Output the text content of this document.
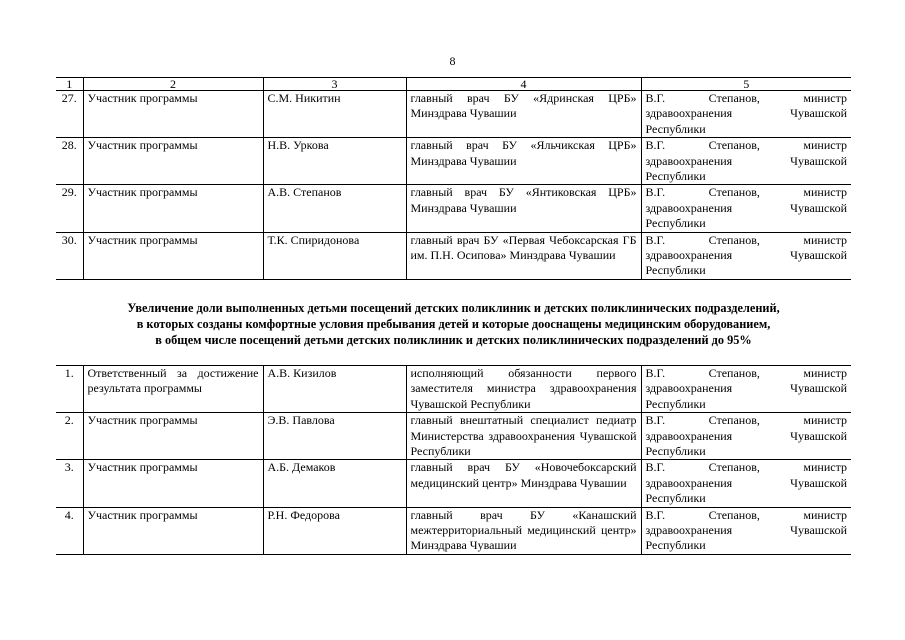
8
1	2	3	4	5
27.	Участник программы	С.М. Никитин	главный врач БУ «Ядринская ЦРБ» Минздрава Чувашии	В.Г. Степанов, министр здравоохранения Чувашской Республики
28.	Участник программы	Н.В. Уркова	главный врач БУ «Яльчикская ЦРБ» Минздрава Чувашии	В.Г. Степанов, министр здравоохранения Чувашской Республики
29.	Участник программы	А.В. Степанов	главный врач БУ «Янтиковская ЦРБ» Минздрава Чувашии	В.Г. Степанов, министр здравоохранения Чувашской Республики
30.	Участник программы	Т.К. Спиридонова	главный врач БУ «Первая Чебоксарская ГБ им. П.Н. Осипова» Минздрава Чувашии	В.Г. Степанов, министр здравоохранения Чувашской Республики
Увеличение доли выполненных детьми посещений детских поликлиник и детских поликлинических подразделений,
в которых созданы комфортные условия пребывания детей и которые дооснащены медицинским оборудованием,
в общем числе посещений детьми детских поликлиник и детских поликлинических подразделений до 95%
1.	Ответственный за достижение результата программы	А.В. Кизилов	исполняющий обязанности первого заместителя министра здравоохранения Чувашской Республики	В.Г. Степанов, министр здравоохранения Чувашской Республики
2.	Участник программы	Э.В. Павлова	главный внештатный специалист педиатр Министерства здравоохранения Чувашской Республики	В.Г. Степанов, министр здравоохранения Чувашской Республики
3.	Участник программы	А.Б. Демаков	главный врач БУ «Новочебоксарский медицинский центр» Минздрава Чувашии	В.Г. Степанов, министр здравоохранения Чувашской Республики
4.	Участник программы	Р.Н. Федорова	главный врач БУ «Канашский межтерриториальный медицинский центр» Минздрава Чувашии	В.Г. Степанов, министр здравоохранения Чувашской Республики
